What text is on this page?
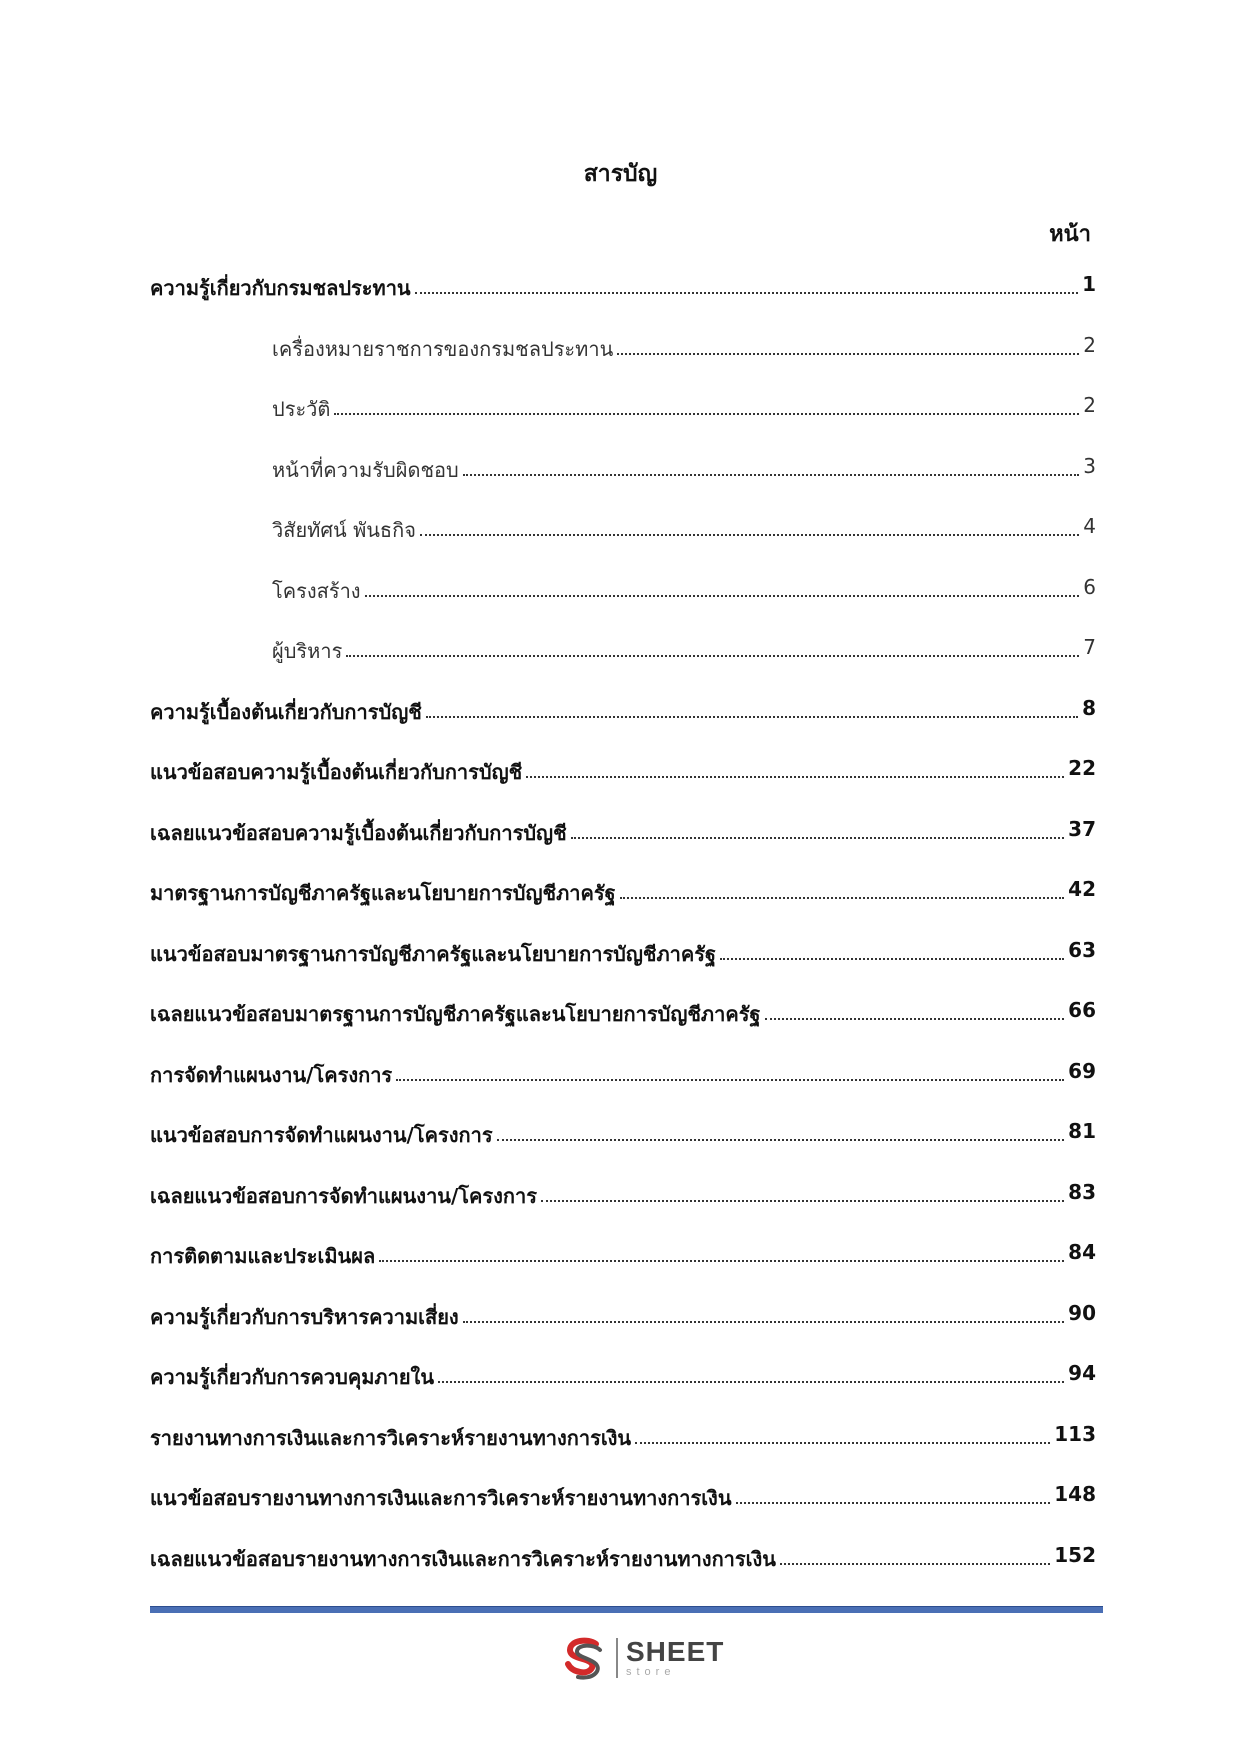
สารบัญ
หน้า
ความรู้เกี่ยวกับกรมชลประทาน	1
เครื่องหมายราชการของกรมชลประทาน	2
ประวัติ	2
หน้าที่ความรับผิดชอบ	3
วิสัยทัศน์ พันธกิจ	4
โครงสร้าง	6
ผู้บริหาร	7
ความรู้เบื้องต้นเกี่ยวกับการบัญชี	8
แนวข้อสอบความรู้เบื้องต้นเกี่ยวกับการบัญชี	22
เฉลยแนวข้อสอบความรู้เบื้องต้นเกี่ยวกับการบัญชี	37
มาตรฐานการบัญชีภาครัฐและนโยบายการบัญชีภาครัฐ	42
แนวข้อสอบมาตรฐานการบัญชีภาครัฐและนโยบายการบัญชีภาครัฐ	63
เฉลยแนวข้อสอบมาตรฐานการบัญชีภาครัฐและนโยบายการบัญชีภาครัฐ	66
การจัดทำแผนงาน/โครงการ	69
แนวข้อสอบการจัดทำแผนงาน/โครงการ	81
เฉลยแนวข้อสอบการจัดทำแผนงาน/โครงการ	83
การติดตามและประเมินผล	84
ความรู้เกี่ยวกับการบริหารความเสี่ยง	90
ความรู้เกี่ยวกับการควบคุมภายใน	94
รายงานทางการเงินและการวิเคราะห์รายงานทางการเงิน	113
แนวข้อสอบรายงานทางการเงินและการวิเคราะห์รายงานทางการเงิน	148
เฉลยแนวข้อสอบรายงานทางการเงินและการวิเคราะห์รายงานทางการเงิน	152
SHEET
store
